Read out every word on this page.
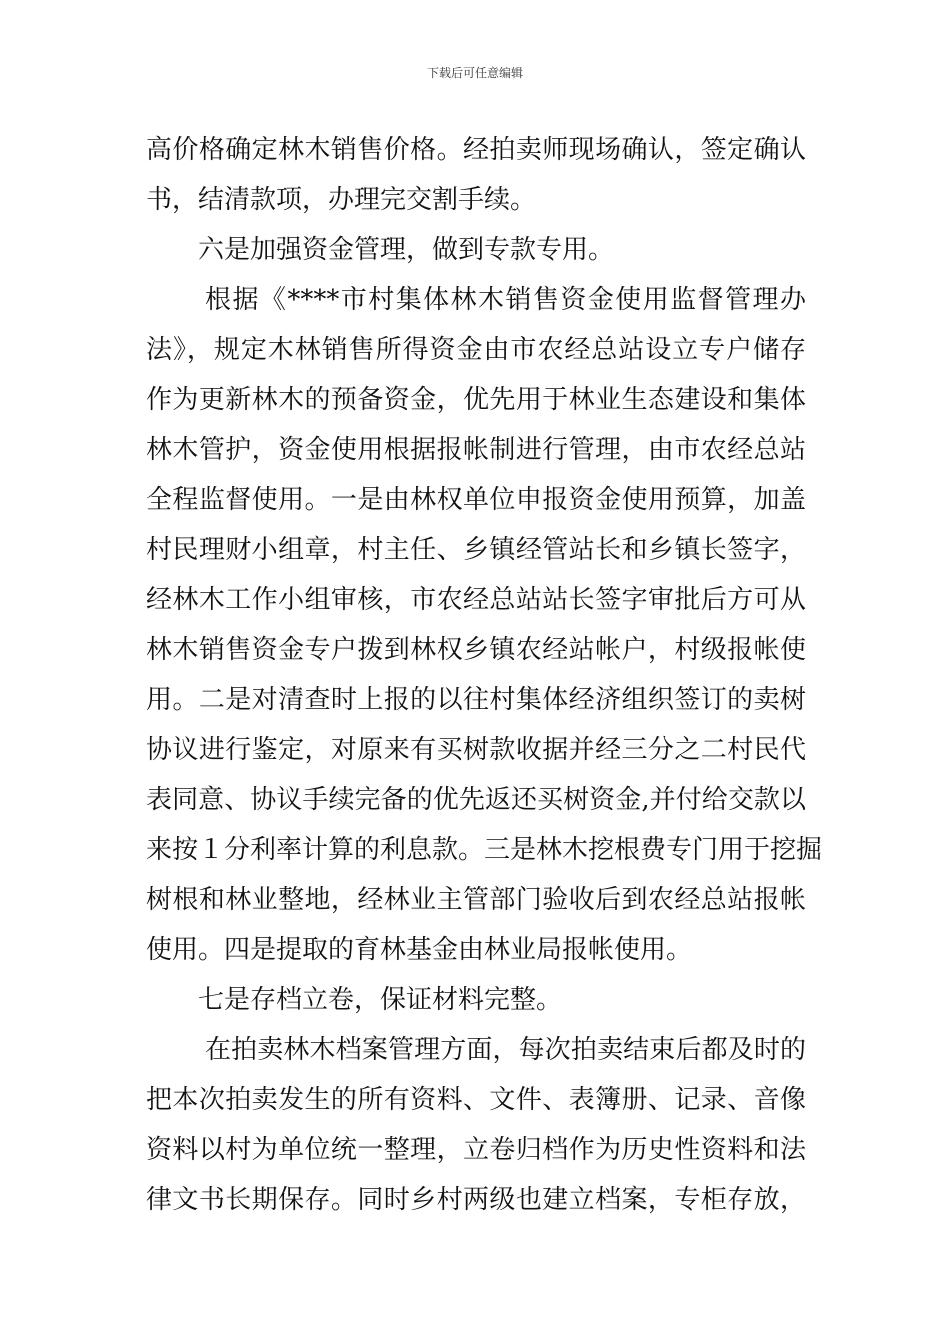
下载后可任意编辑
高价格确定林木销售价格。经拍卖师现场确认，签定确认
书，结清款项，办理完交割手续。
六是加强资金管理，做到专款专用。
根据《****市村集体林木销售资金使用监督管理办
法》，规定木林销售所得资金由市农经总站设立专户储存
作为更新林木的预备资金，优先用于林业生态建设和集体
林木管护，资金使用根据报帐制进行管理，由市农经总站
全程监督使用。一是由林权单位申报资金使用预算，加盖
村民理财小组章，村主任、乡镇经管站长和乡镇长签字，
经林木工作小组审核，市农经总站站长签字审批后方可从
林木销售资金专户拨到林权乡镇农经站帐户，村级报帐使
用。二是对清查时上报的以往村集体经济组织签订的卖树
协议进行鉴定，对原来有买树款收据并经三分之二村民代
表同意、协议手续完备的优先返还买树资金,并付给交款以
来按１分利率计算的利息款。三是林木挖根费专门用于挖掘
树根和林业整地，经林业主管部门验收后到农经总站报帐
使用。四是提取的育林基金由林业局报帐使用。
七是存档立卷，保证材料完整。
在拍卖林木档案管理方面，每次拍卖结束后都及时的
把本次拍卖发生的所有资料、文件、表簿册、记录、音像
资料以村为单位统一整理，立卷归档作为历史性资料和法
律文书长期保存。同时乡村两级也建立档案，专柜存放，
